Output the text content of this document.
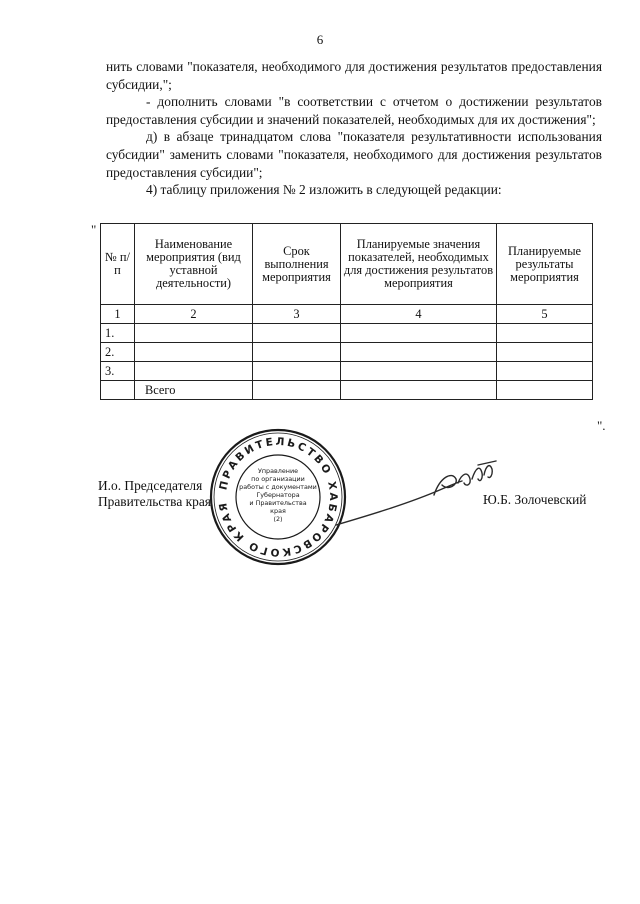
6

нить словами "показателя, необходимого для достижения результатов предоставления субсидии,";

- дополнить словами "в соответствии с отчетом о достижении результатов предоставления субсидии и значений показателей, необходимых для их достижения";

д) в абзаце тринадцатом слова "показателя результативности использования субсидии" заменить словами "показателя, необходимого для достижения результатов предоставления субсидии";

4) таблицу приложения № 2 изложить в следующей редакции:

"
№ п/п	Наименование мероприятия (вид уставной деятельности)	Срок выполнения мероприятия	Планируемые значения показателей, необходимых для достижения результатов мероприятия	Планируемые результаты мероприятия
1	2	3	4	5
1.				
2.				
3.				
	Всего			
".
ПРАВИТЕЛЬСТВО ХАБАРОВСКОГО КРАЯ
Управление
по организации
работы с документами
Губернатора
и Правительства
края
(2)
И.о. Председателя
Правительства края	Ю.Б. Золочевский
